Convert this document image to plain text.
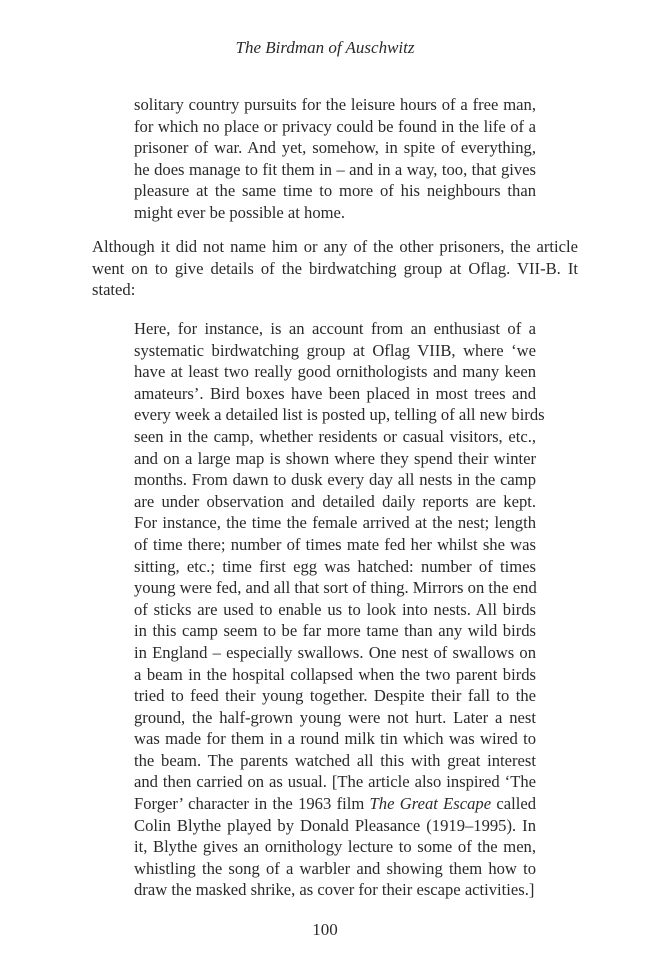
The Birdman of Auschwitz
solitary country pursuits for the leisure hours of a free man,
for which no place or privacy could be found in the life of a
prisoner of war. And yet, somehow, in spite of everything,
he does manage to fit them in – and in a way, too, that gives
pleasure at the same time to more of his neighbours than
might ever be possible at home.
Although it did not name him or any of the other prisoners, the article
went on to give details of the birdwatching group at Oflag. VII-B. It
stated:
Here, for instance, is an account from an enthusiast of a
systematic birdwatching group at Oflag VIIB, where ‘we
have at least two really good ornithologists and many keen
amateurs’. Bird boxes have been placed in most trees and
every week a detailed list is posted up, telling of all new birds
seen in the camp, whether residents or casual visitors, etc.,
and on a large map is shown where they spend their winter
months. From dawn to dusk every day all nests in the camp
are under observation and detailed daily reports are kept.
For instance, the time the female arrived at the nest; length
of time there; number of times mate fed her whilst she was
sitting, etc.; time first egg was hatched: number of times
young were fed, and all that sort of thing. Mirrors on the end
of sticks are used to enable us to look into nests. All birds
in this camp seem to be far more tame than any wild birds
in England – especially swallows. One nest of swallows on
a beam in the hospital collapsed when the two parent birds
tried to feed their young together. Despite their fall to the
ground, the half-grown young were not hurt. Later a nest
was made for them in a round milk tin which was wired to
the beam. The parents watched all this with great interest
and then carried on as usual. [The article also inspired ‘The
Forger’ character in the 1963 film The Great Escape called
Colin Blythe played by Donald Pleasance (1919–1995). In
it, Blythe gives an ornithology lecture to some of the men,
whistling the song of a warbler and showing them how to
draw the masked shrike, as cover for their escape activities.]
100
